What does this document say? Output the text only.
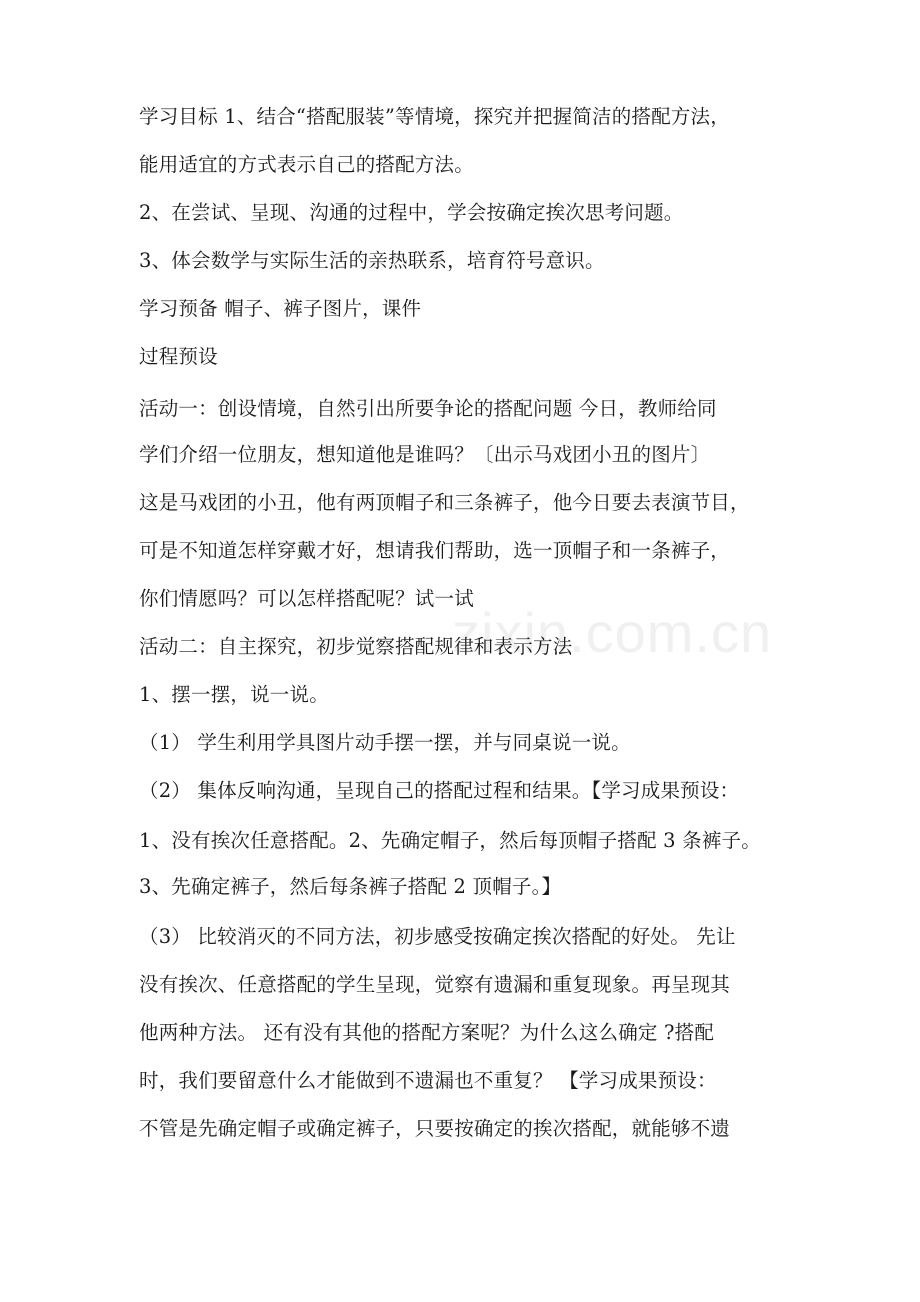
zixin.com.cn
学习目标 1、结合“搭配服装”等情境，探究并把握简洁的搭配方法，
能用适宜的方式表示自己的搭配方法。
2、在尝试、呈现、沟通的过程中，学会按确定挨次思考问题。
3、体会数学与实际生活的亲热联系，培育符号意识。
学习预备 帽子、裤子图片，课件
过程预设
活动一：创设情境，自然引出所要争论的搭配问题 今日，教师给同
学们介绍一位朋友，想知道他是谁吗？〔出示马戏团小丑的图片〕
这是马戏团的小丑，他有两顶帽子和三条裤子，他今日要去表演节目，
可是不知道怎样穿戴才好，想请我们帮助，选一顶帽子和一条裤子，
你们情愿吗？可以怎样搭配呢？试一试
活动二：自主探究，初步觉察搭配规律和表示方法
1、摆一摆，说一说。
（1） 学生利用学具图片动手摆一摆，并与同桌说一说。
（2） 集体反响沟通，呈现自己的搭配过程和结果。【学习成果预设：
1、没有挨次任意搭配。2、先确定帽子，然后每顶帽子搭配 3 条裤子。
3、先确定裤子，然后每条裤子搭配 2 顶帽子。】
（3） 比较消灭的不同方法，初步感受按确定挨次搭配的好处。 先让
没有挨次、任意搭配的学生呈现，觉察有遗漏和重复现象。再呈现其
他两种方法。 还有没有其他的搭配方案呢？为什么这么确定 ?搭配
时，我们要留意什么才能做到不遗漏也不重复？ 【学习成果预设：
不管是先确定帽子或确定裤子，只要按确定的挨次搭配，就能够不遗
